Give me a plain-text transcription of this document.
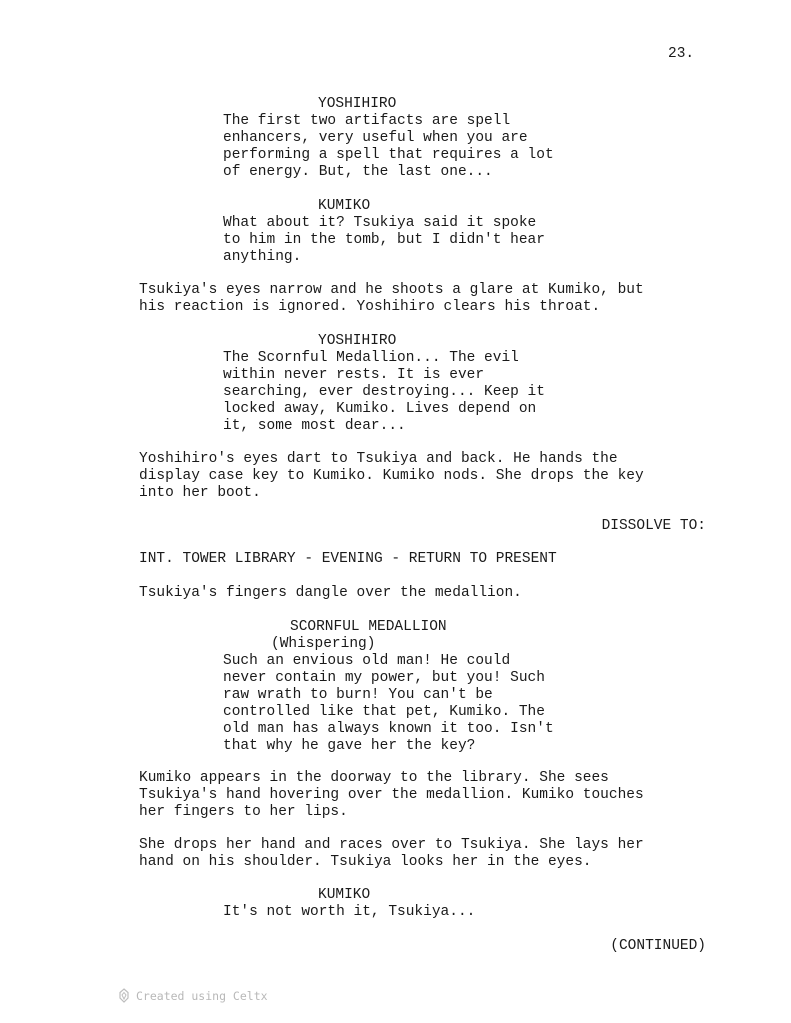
23.

YOSHIHIRO

The first two artifacts are spell
enhancers, very useful when you are
performing a spell that requires a lot
of energy. But, the last one...

KUMIKO

What about it? Tsukiya said it spoke
to him in the tomb, but I didn't hear
anything.

Tsukiya's eyes narrow and he shoots a glare at Kumiko, but
his reaction is ignored. Yoshihiro clears his throat.

YOSHIHIRO

The Scornful Medallion... The evil
within never rests. It is ever
searching, ever destroying... Keep it
locked away, Kumiko. Lives depend on
it, some most dear...

Yoshihiro's eyes dart to Tsukiya and back. He hands the
display case key to Kumiko. Kumiko nods. She drops the key
into her boot.

DISSOLVE TO:

INT. TOWER LIBRARY - EVENING - RETURN TO PRESENT

Tsukiya's fingers dangle over the medallion.

SCORNFUL MEDALLION

(Whispering)

Such an envious old man! He could
never contain my power, but you! Such
raw wrath to burn! You can't be
controlled like that pet, Kumiko. The
old man has always known it too. Isn't
that why he gave her the key?

Kumiko appears in the doorway to the library. She sees
Tsukiya's hand hovering over the medallion. Kumiko touches
her fingers to her lips.

She drops her hand and races over to Tsukiya. She lays her
hand on his shoulder. Tsukiya looks her in the eyes.

KUMIKO

It's not worth it, Tsukiya...

(CONTINUED)

Created using Celtx
